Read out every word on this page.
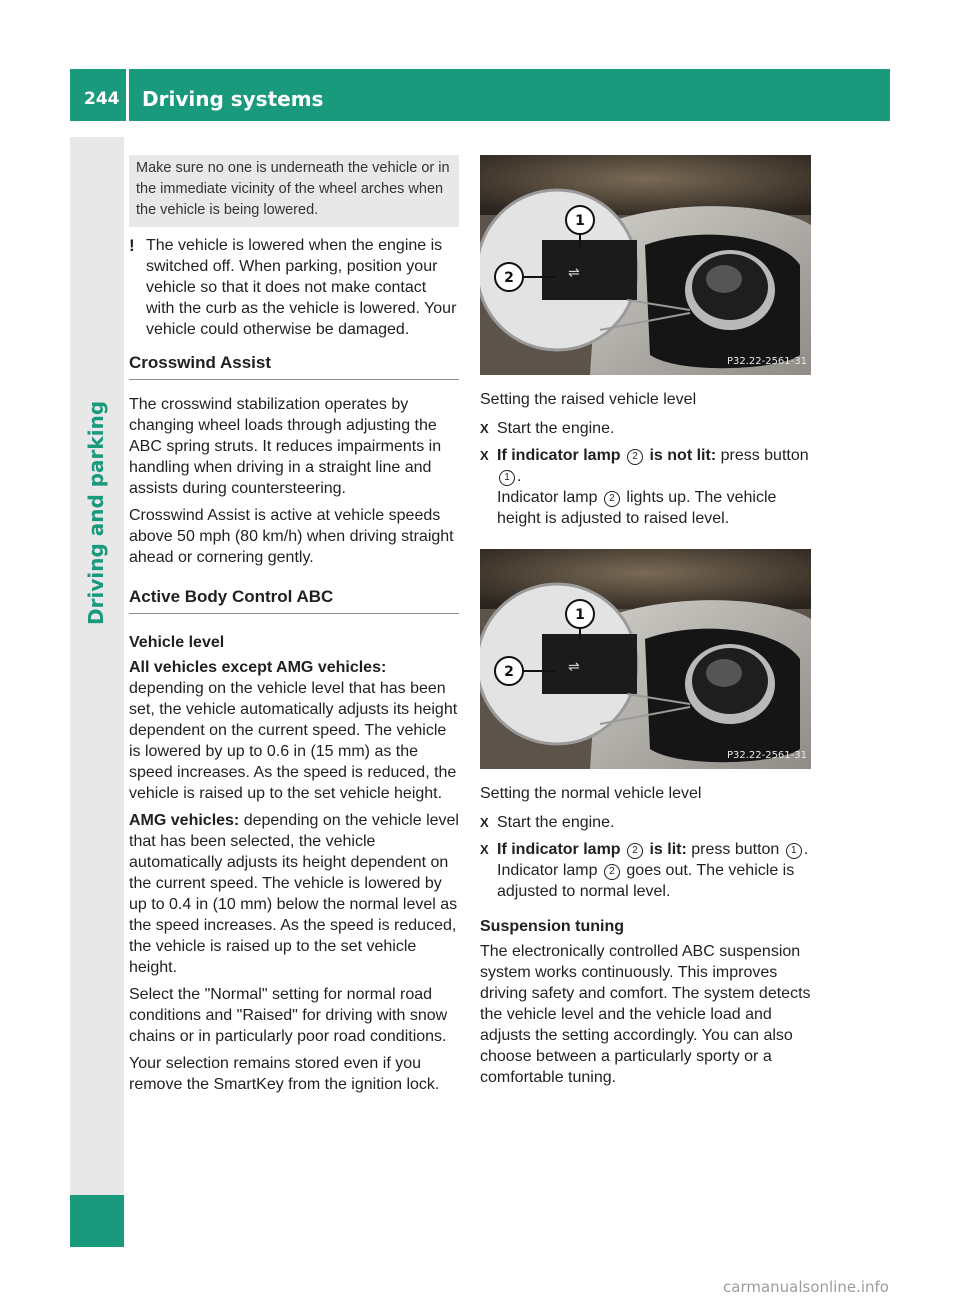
244 Driving systems
Driving and parking
Make sure no one is underneath the vehicle or in the immediate vicinity of the wheel arches when the vehicle is being lowered.

! The vehicle is lowered when the engine is switched off. When parking, position your vehicle so that it does not make contact with the curb as the vehicle is lowered. Your vehicle could otherwise be damaged.

Crosswind Assist

The crosswind stabilization operates by changing wheel loads through adjusting the ABC spring struts. It reduces impairments in handling when driving in a straight line and assists during countersteering.

Crosswind Assist is active at vehicle speeds above 50 mph (80 km/h) when driving straight ahead or cornering gently.

Active Body Control ABC
Vehicle level

All vehicles except AMG vehicles: depending on the vehicle level that has been set, the vehicle automatically adjusts its height dependent on the current speed. The vehicle is lowered by up to 0.6 in (15 mm) as the speed increases. As the speed is reduced, the vehicle is raised up to the set vehicle height.

AMG vehicles: depending on the vehicle level that has been selected, the vehicle automatically adjusts its height dependent on the current speed. The vehicle is lowered by up to 0.4 in (10 mm) below the normal level as the speed increases. As the speed is reduced, the vehicle is raised up to the set vehicle height.

Select the "Normal" setting for normal road conditions and "Raised" for driving with snow chains or in particularly poor road conditions.

Your selection remains stored even if you remove the SmartKey from the ignition lock.

⇌
1
2
P32.22-2561-31

Setting the raised vehicle level

X Start the engine.

X If indicator lamp 2 is not lit: press button 1 .
Indicator lamp 2 lights up. The vehicle height is adjusted to raised level.

⇌
1
2
P32.22-2561-31

Setting the normal vehicle level

X Start the engine.

X If indicator lamp 2 is lit: press button 1 .
Indicator lamp 2 goes out. The vehicle is adjusted to normal level.

Suspension tuning

The electronically controlled ABC suspension system works continuously. This improves driving safety and comfort. The system detects the vehicle level and the vehicle load and adjusts the setting accordingly. You can also choose between a particularly sporty or a comfortable tuning.

carmanualsonline.info
